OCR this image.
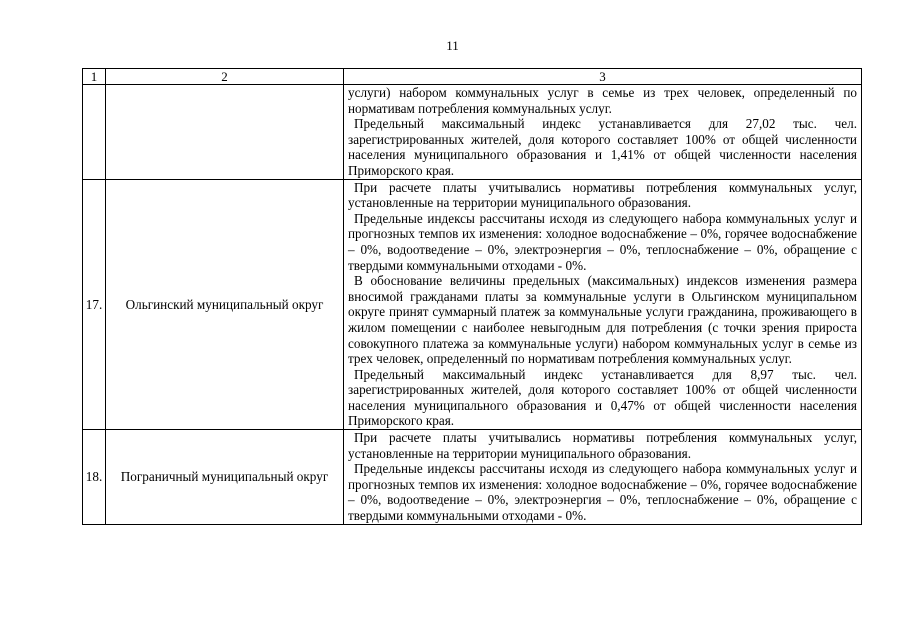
11
1	2	3

		услуги) набором коммунальных услуг в семье из трех человек, определенный по нормативам потребления коммунальных услуг.

Предельный максимальный индекс устанавливается для 27,02 тыс. чел. зарегистрированных жителей, доля которого составляет 100% от общей численности населения муниципального образования и 1,41% от общей численности населения Приморского края.

17.	Ольгинский муниципальный округ	При расчете платы учитывались нормативы потребления коммунальных услуг, установленные на территории муниципального образования.

Предельные индексы рассчитаны исходя из следующего набора коммунальных услуг и прогнозных темпов их изменения: холодное водоснабжение – 0%, горячее водоснабжение – 0%, водоотведение – 0%, электроэнергия – 0%, теплоснабжение – 0%, обращение с твердыми коммунальными отходами - 0%.

В обоснование величины предельных (максимальных) индексов изменения размера вносимой гражданами платы за коммунальные услуги в Ольгинском муниципальном округе принят суммарный платеж за коммунальные услуги гражданина, проживающего в жилом помещении с наиболее невыгодным для потребления (с точки зрения прироста совокупного платежа за коммунальные услуги) набором коммунальных услуг в семье из трех человек, определенный по нормативам потребления коммунальных услуг.

Предельный максимальный индекс устанавливается для 8,97 тыс. чел. зарегистрированных жителей, доля которого составляет 100% от общей численности населения муниципального образования и 0,47% от общей численности населения Приморского края.

18.	Пограничный муниципальный округ	При расчете платы учитывались нормативы потребления коммунальных услуг, установленные на территории муниципального образования.

Предельные индексы рассчитаны исходя из следующего набора коммунальных услуг и прогнозных темпов их изменения: холодное водоснабжение – 0%, горячее водоснабжение – 0%, водоотведение – 0%, электроэнергия – 0%, теплоснабжение – 0%, обращение с твердыми коммунальными отходами - 0%.
